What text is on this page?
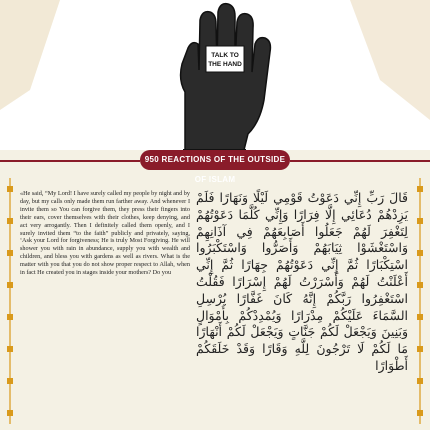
TALK TO
THE HAND
950 REACTIONS OF THE OUTSIDE OF ISLAM
«He said, “My Lord! I have surely called my people by night and by day, but my calls only made them run farther away. And whenever I invite them so You can forgive them, they press their fingers into their ears, cover themselves with their clothes, keep denying, and act very arrogantly. Then I definitely called them openly, and I surely invited them “to the faith” publicly and privately, saying, ‘Ask your Lord for forgiveness; He is truly Most Forgiving. He will shower you with rain in abundance, supply you with wealth and children, and bless you with gardens as well as rivers. What is the matter with you that you do not show proper respect to Allah, when in fact He created you in stages inside your mothers? Do you

قَالَ رَبِّ إِنِّي دَعَوْتُ قَوْمِي لَيْلًا وَنَهَارًا فَلَمْ يَزِدْهُمْ دُعَائِي إِلَّا فِرَارًا وَإِنِّي كُلَّمَا دَعَوْتُهُمْ لِتَغْفِرَ لَهُمْ جَعَلُوا أَصَابِعَهُمْ فِي آذَانِهِمْ وَاسْتَغْشَوْا ثِيَابَهُمْ وَأَصَرُّوا وَاسْتَكْبَرُوا اسْتِكْبَارًا ثُمَّ إِنِّي دَعَوْتُهُمْ جِهَارًا ثُمَّ إِنِّي أَعْلَنْتُ لَهُمْ وَأَسْرَرْتُ لَهُمْ إِسْرَارًا فَقُلْتُ اسْتَغْفِرُوا رَبَّكُمْ إِنَّهُ كَانَ غَفَّارًا يُرْسِلِ السَّمَاءَ عَلَيْكُمْ مِدْرَارًا وَيُمْدِدْكُمْ بِأَمْوَالٍ وَبَنِينَ وَيَجْعَلْ لَكُمْ جَنَّاتٍ وَيَجْعَلْ لَكُمْ أَنْهَارًا مَا لَكُمْ لَا تَرْجُونَ لِلَّهِ وَقَارًا وَقَدْ خَلَقَكُمْ أَطْوَارًا
